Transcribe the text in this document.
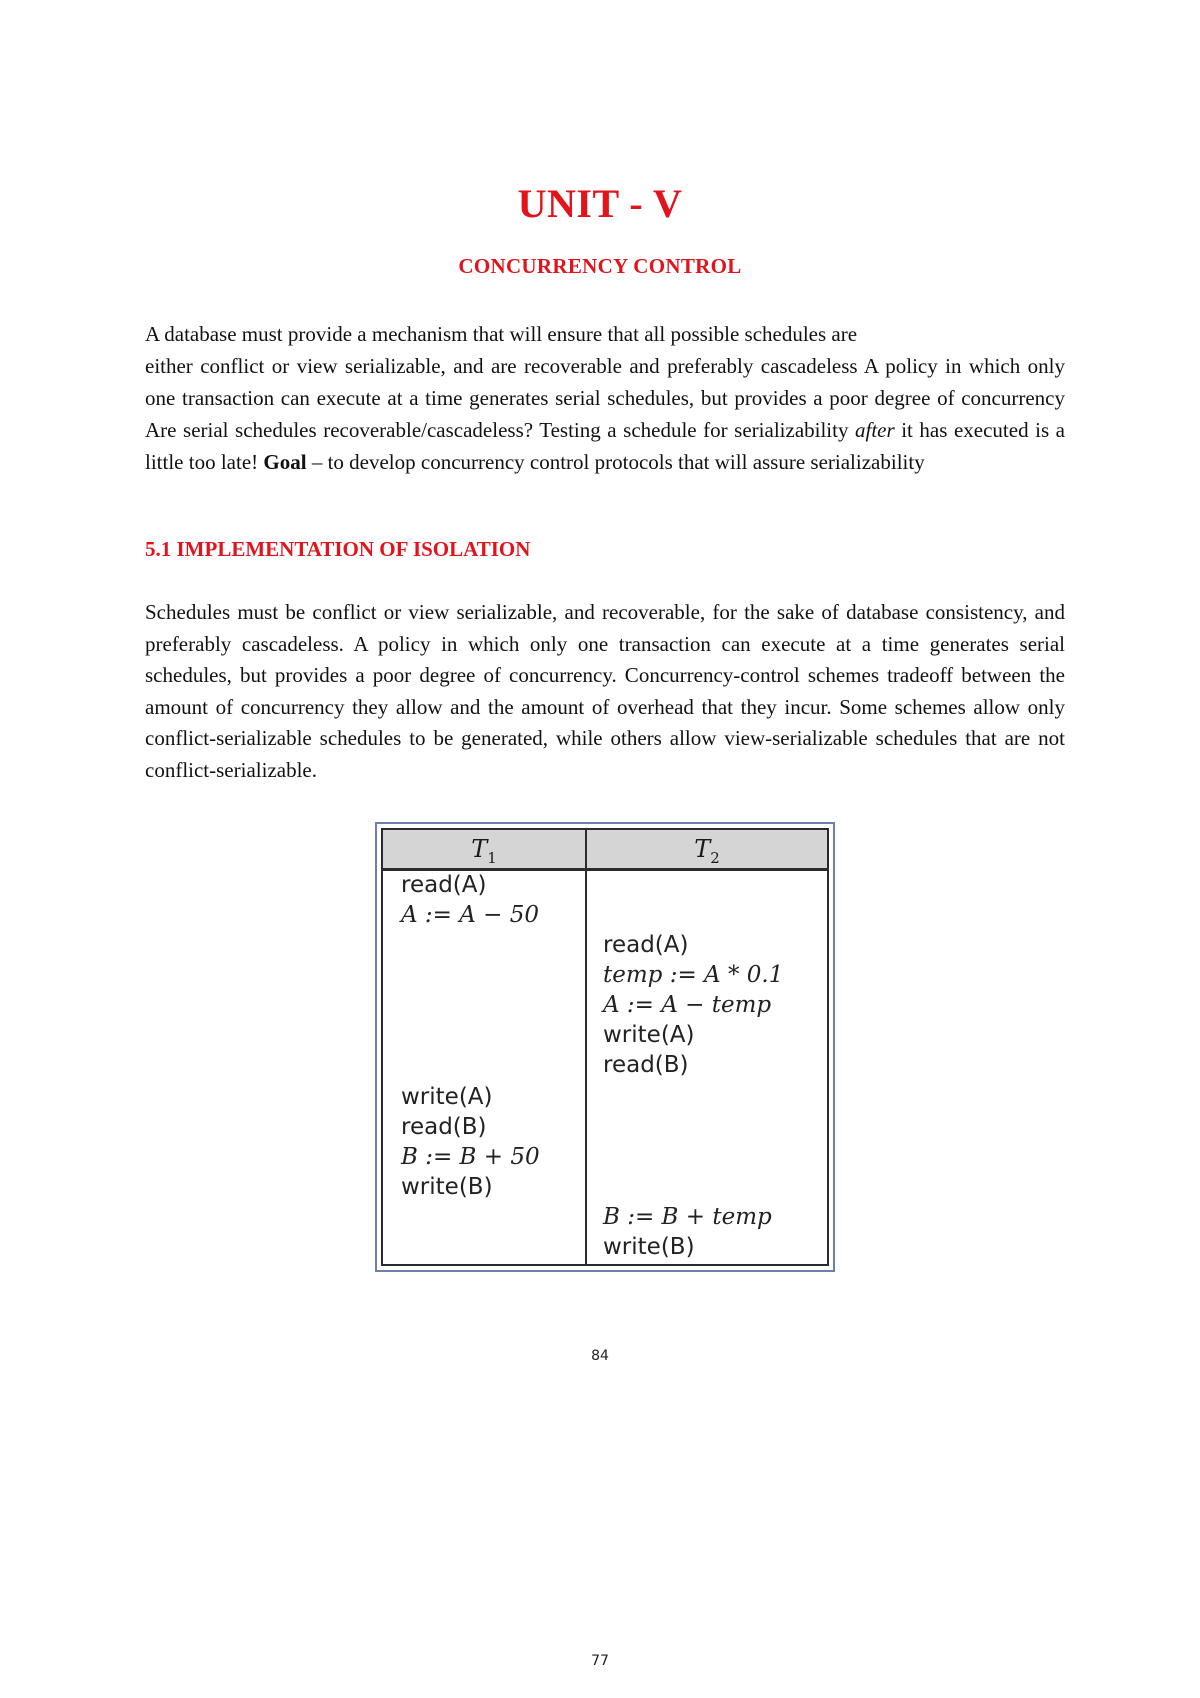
UNIT - V
CONCURRENCY CONTROL
A database must provide a mechanism that will ensure that all possible schedules are
either conflict or view serializable, and are recoverable and preferably cascadeless A policy in which only one transaction can execute at a time generates serial schedules, but provides a poor degree of concurrency Are serial schedules recoverable/cascadeless? Testing a schedule for serializability after it has executed is a little too late! Goal – to develop concurrency control protocols that will assure serializability
5.1 IMPLEMENTATION OF ISOLATION
Schedules must be conflict or view serializable, and recoverable, for the sake of database consistency, and preferably cascadeless. A policy in which only one transaction can execute at a time generates serial schedules, but provides a poor degree of concurrency. Concurrency-control schemes tradeoff between the amount of concurrency they allow and the amount of overhead that they incur. Some schemes allow only conflict-serializable schedules to be generated, while others allow view-serializable schedules that are not conflict-serializable.
$T_1$	$T_2$
read(A)
A := A − 50
write(A)
read(B)
B := B + 50
write(B)
read(A)
temp := A * 0.1
A := A − temp
write(A)
read(B)
B := B + temp
write(B)
84
77
